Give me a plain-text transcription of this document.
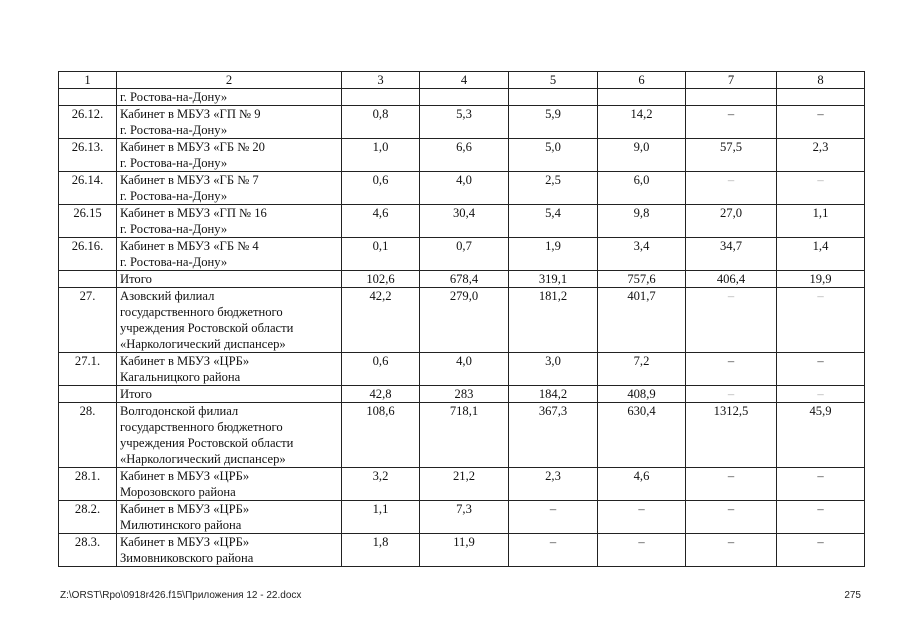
1	2	3	4	5	6	7	8
	г. Ростова-на-Дону»						
26.12.	Кабинет в МБУЗ «ГП № 9
г. Ростова-на-Дону»	0,8	5,3	5,9	14,2	–	–
26.13.	Кабинет в МБУЗ «ГБ № 20
г. Ростова-на-Дону»	1,0	6,6	5,0	9,0	57,5	2,3
26.14.	Кабинет в МБУЗ «ГБ № 7
г. Ростова-на-Дону»	0,6	4,0	2,5	6,0	–	–
26.15	Кабинет в МБУЗ «ГП № 16
г. Ростова-на-Дону»	4,6	30,4	5,4	9,8	27,0	1,1
26.16.	Кабинет в МБУЗ «ГБ № 4
г. Ростова-на-Дону»	0,1	0,7	1,9	3,4	34,7	1,4
	Итого	102,6	678,4	319,1	757,6	406,4	19,9
27.	Азовский филиал
государственного бюджетного
учреждения Ростовской области
«Наркологический диспансер»	42,2	279,0	181,2	401,7	–	–
27.1.	Кабинет в МБУЗ «ЦРБ»
Кагальницкого района	0,6	4,0	3,0	7,2	–	–
	Итого	42,8	283	184,2	408,9	–	–
28.	Волгодонской филиал
государственного бюджетного
учреждения Ростовской области
«Наркологический диспансер»	108,6	718,1	367,3	630,4	1312,5	45,9
28.1.	Кабинет в МБУЗ «ЦРБ»
Морозовского района	3,2	21,2	2,3	4,6	–	–
28.2.	Кабинет в МБУЗ «ЦРБ»
Милютинского района	1,1	7,3	–	–	–	–
28.3.	Кабинет в МБУЗ «ЦРБ»
Зимовниковского района	1,8	11,9	–	–	–	–
Z:\ORST\Rpo\0918r426.f15\Приложения 12 - 22.docx	275
